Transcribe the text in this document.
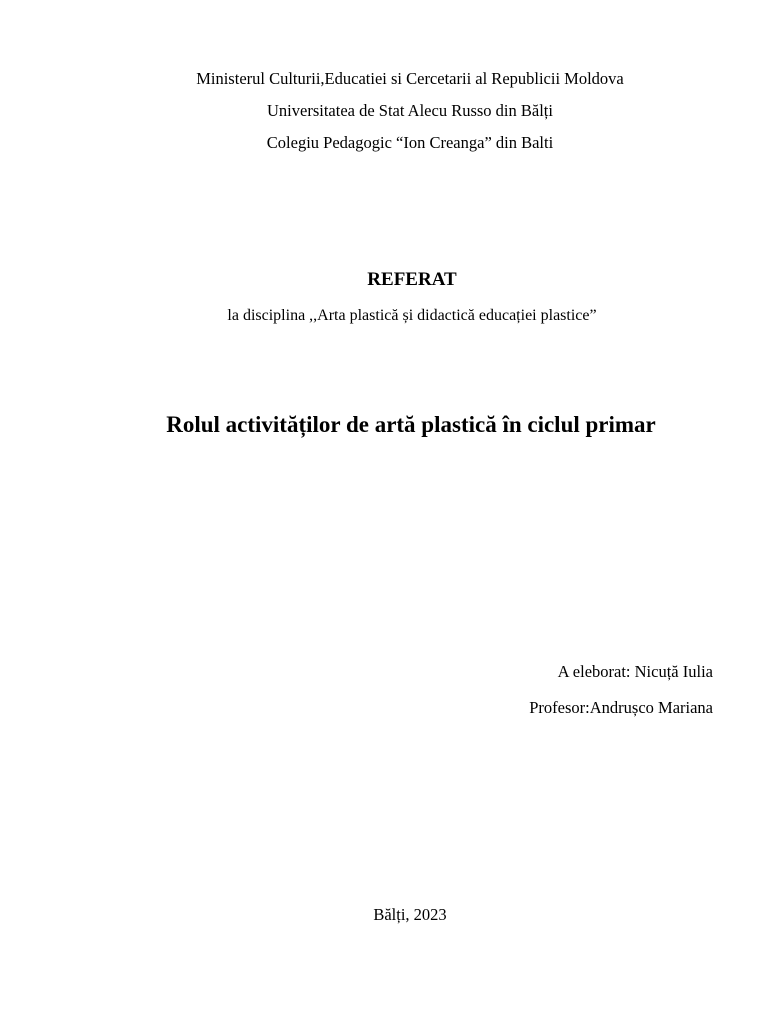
Ministerul Culturii,Educatiei si Cercetarii al Republicii Moldova
Universitatea de Stat Alecu Russo din Bălți
Colegiu Pedagogic “Ion Creanga” din Balti
REFERAT
la disciplina ,,Arta plastică și didactică educației plastice”
Rolul activităților de artă plastică în ciclul primar
A eleborat: Nicuță Iulia
Profesor:Andrușco Mariana
Bălți, 2023
